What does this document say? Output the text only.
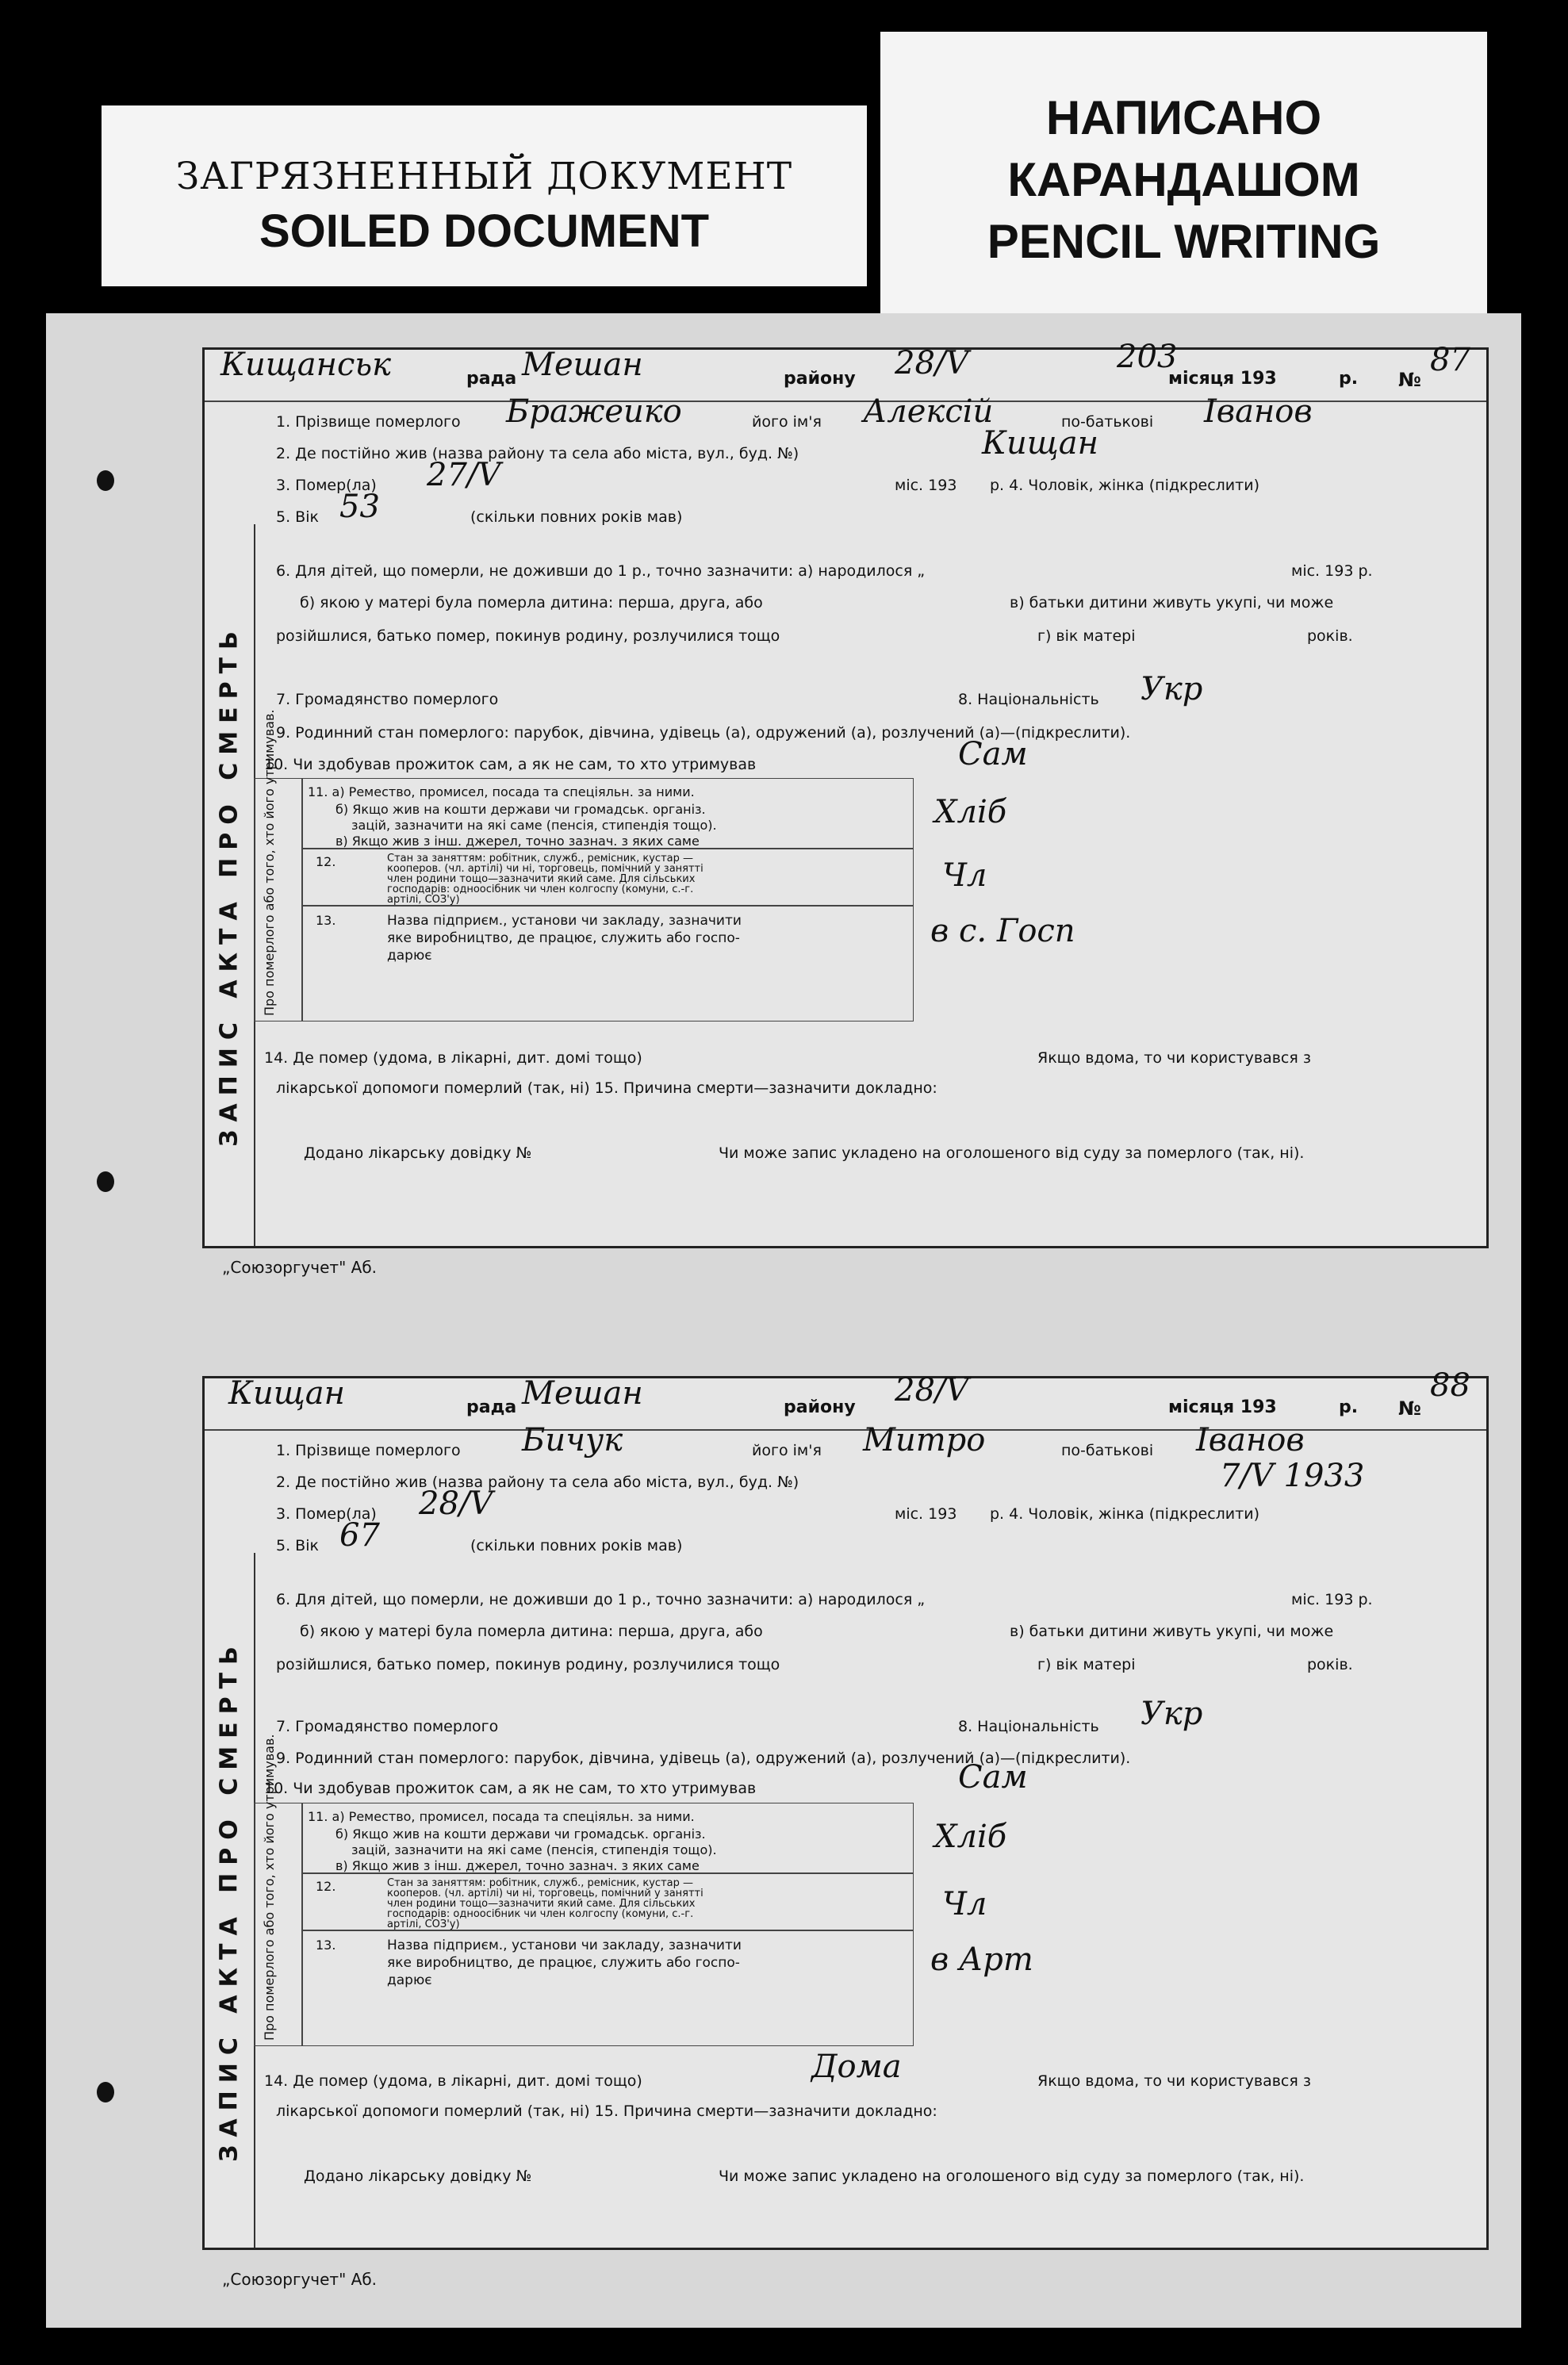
ЗАГРЯЗНЕННЫЙ ДОКУМЕНТ
SOILED DOCUMENT
НАПИСАНО
КАРАНДАШОМ
PENCIL WRITING
ЗАПИС АКТА ПРО СМЕРТЬ
Кищанськ	рада Мешан	району 28/V	203
місяця 193	р. №
87
1. Прізвище померлого Бражеико	його ім'я Алексій	по-батькові Іванов
2. Де постійно жив (назва району та села або міста, вул., буд. №)	Кищан
3. Помер(ла) 27/V	міс. 193 р. 4. Чоловік, жінка (підкреслити)
5. Вік 53	(скільки повних років мав)
6. Для дітей, що померли, не доживши до 1 р., точно зазначити: а) народилося „	міс. 193 р.
б) якою у матері була померла дитина: перша, друга, або	в) батьки дитини живуть укупі, чи може
розійшлися, батько помер, покинув родину, розлучилися тощо	г) вік матері	років.
7. Громадянство померлого	8. Національність Укр
9. Родинний стан померлого: парубок, дівчина, удівець (а), одружений (а), розлучений (а)—(підкреслити).
10. Чи здобував прожиток сам, а як не сам, то хто утримував	Сам
Про померлого або того, хто його утримував. 11. а) Ремество, промисел, посада та спеціяльн. за ними.
б) Якщо жив на кошти держави чи громадськ. організ.
зацій, зазначити на які саме (пенсія, стипендія тощо).
в) Якщо жив з інш. джерел, точно зазнач. з яких саме
Хліб
12.	Стан за заняттям: робітник, служб., ремісник, кустар —
кооперов. (чл. артілі) чи ні, торговець, помічний у занятті
член родини тощо—зазначити який саме. Для сільських
господарів: одноосібник чи член колгоспу (комуни, с.-г.
артілі, СОЗ'у)
Чл
13.	Назва підприєм., установи чи закладу, зазначити
яке виробництво, де працює, служить або госпо-
дарює
в с. Госп
14. Де помер (удома, в лікарні, дит. домі тощо)	Якщо вдома, то чи користувався з
лікарської допомоги померлий (так, ні) 15. Причина смерти—зазначити докладно:
Додано лікарську довідку №	Чи може запис укладено на оголошеного від суду за померлого (так, ні).
„Союзоргучет" Аб.
ЗАПИС АКТА ПРО СМЕРТЬ
Кищан	рада Мешан	району 28/V	місяця 193	р. №
88
1. Прізвище померлого Бичук	його ім'я Митро	по-батькові Іванов
2. Де постійно жив (назва району та села або міста, вул., буд. №)	7/V 1933
3. Помер(ла) 28/V	міс. 193 р. 4. Чоловік, жінка (підкреслити)
5. Вік 67	(скільки повних років мав)
6. Для дітей, що померли, не доживши до 1 р., точно зазначити: а) народилося „	міс. 193 р.
б) якою у матері була померла дитина: перша, друга, або	в) батьки дитини живуть укупі, чи може
розійшлися, батько помер, покинув родину, розлучилися тощо	г) вік матері	років.
7. Громадянство померлого	8. Національність Укр
9. Родинний стан померлого: парубок, дівчина, удівець (а), одружений (а), розлучений (а)—(підкреслити).
10. Чи здобував прожиток сам, а як не сам, то хто утримував	Сам
Про померлого або того, хто його утримував. 11. а) Ремество, промисел, посада та спеціяльн. за ними.
б) Якщо жив на кошти держави чи громадськ. організ.
зацій, зазначити на які саме (пенсія, стипендія тощо).
в) Якщо жив з інш. джерел, точно зазнач. з яких саме
Хліб
12.	Стан за заняттям: робітник, служб., ремісник, кустар —
кооперов. (чл. артілі) чи ні, торговець, помічний у занятті
член родини тощо—зазначити який саме. Для сільських
господарів: одноосібник чи член колгоспу (комуни, с.-г.
артілі, СОЗ'у)
Чл
13.	Назва підприєм., установи чи закладу, зазначити
яке виробництво, де працює, служить або госпо-
дарює
в Арт
14. Де помер (удома, в лікарні, дит. домі тощо)	Дома	Якщо вдома, то чи користувався з
лікарської допомоги померлий (так, ні) 15. Причина смерти—зазначити докладно:
Додано лікарську довідку №	Чи може запис укладено на оголошеного від суду за померлого (так, ні).
„Союзоргучет" Аб.
